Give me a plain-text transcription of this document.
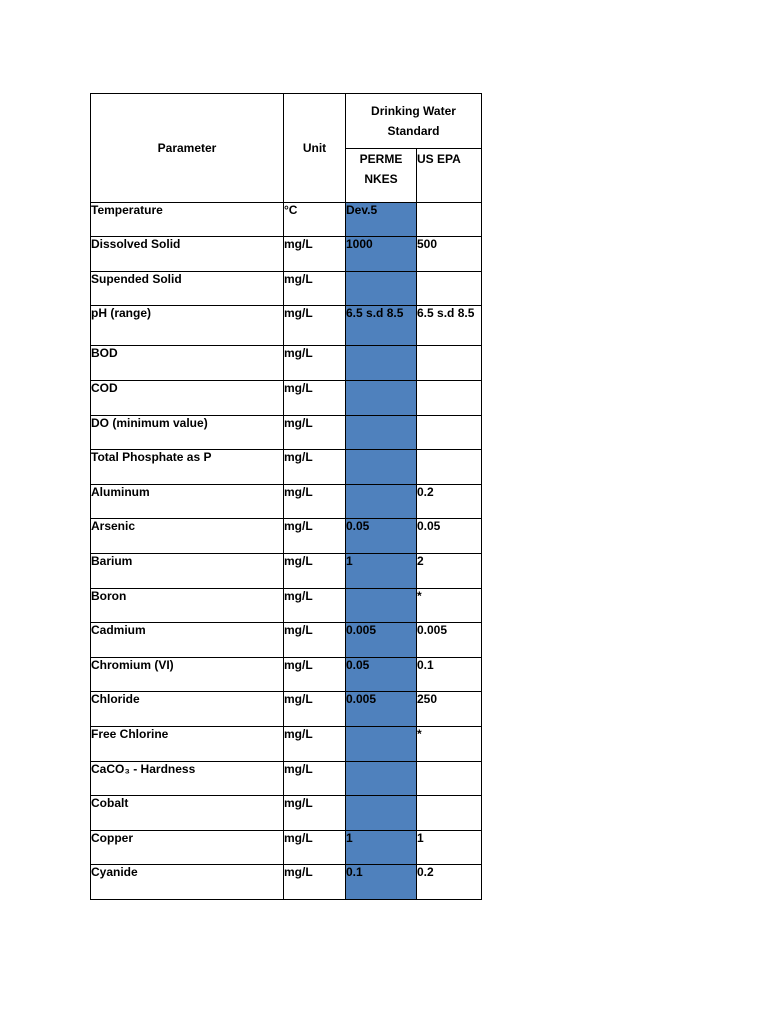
Parameter	Unit	Drinking Water Standard	
		PERME NKES	US EPA
Temperature	°C	Dev.5	
Dissolved Solid	mg/L	1000	500
Supended Solid	mg/L		
pH (range)	mg/L	6.5 s.d 8.5	6.5 s.d 8.5
BOD	mg/L		
COD	mg/L		
DO (minimum value)	mg/L		
Total Phosphate as P	mg/L		
Aluminum	mg/L		0.2
Arsenic	mg/L	0.05	0.05
Barium	mg/L	1	2
Boron	mg/L		*
Cadmium	mg/L	0.005	0.005
Chromium (VI)	mg/L	0.05	0.1
Chloride	mg/L	0.005	250
Free Chlorine	mg/L		*
CaCO₃ - Hardness	mg/L		
Cobalt	mg/L		
Copper	mg/L	1	1
Cyanide	mg/L	0.1	0.2
